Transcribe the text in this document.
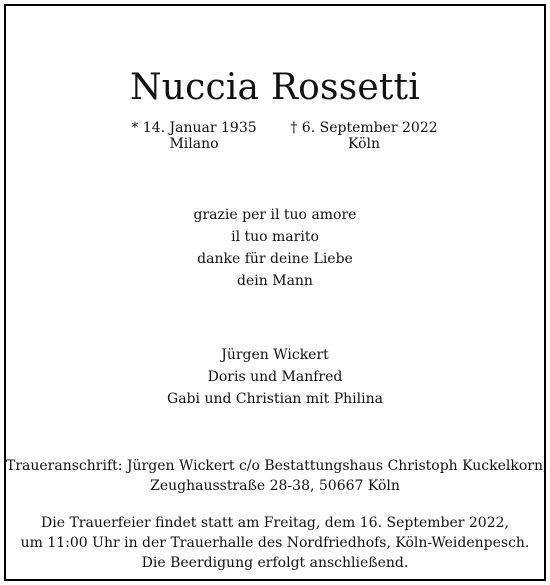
Nuccia Rossetti
* 14. Januar 1935
Milano
† 6. September 2022
Köln
grazie per il tuo amore
il tuo marito
danke für deine Liebe
dein Mann
Jürgen Wickert
Doris und Manfred
Gabi und Christian mit Philina
Traueranschrift: Jürgen Wickert c/o Bestattungshaus Christoph Kuckelkorn,
Zeughausstraße 28-38, 50667 Köln
Die Trauerfeier findet statt am Freitag, dem 16. September 2022,
um 11:00 Uhr in der Trauerhalle des Nordfriedhofs, Köln-Weidenpesch.
Die Beerdigung erfolgt anschließend.
